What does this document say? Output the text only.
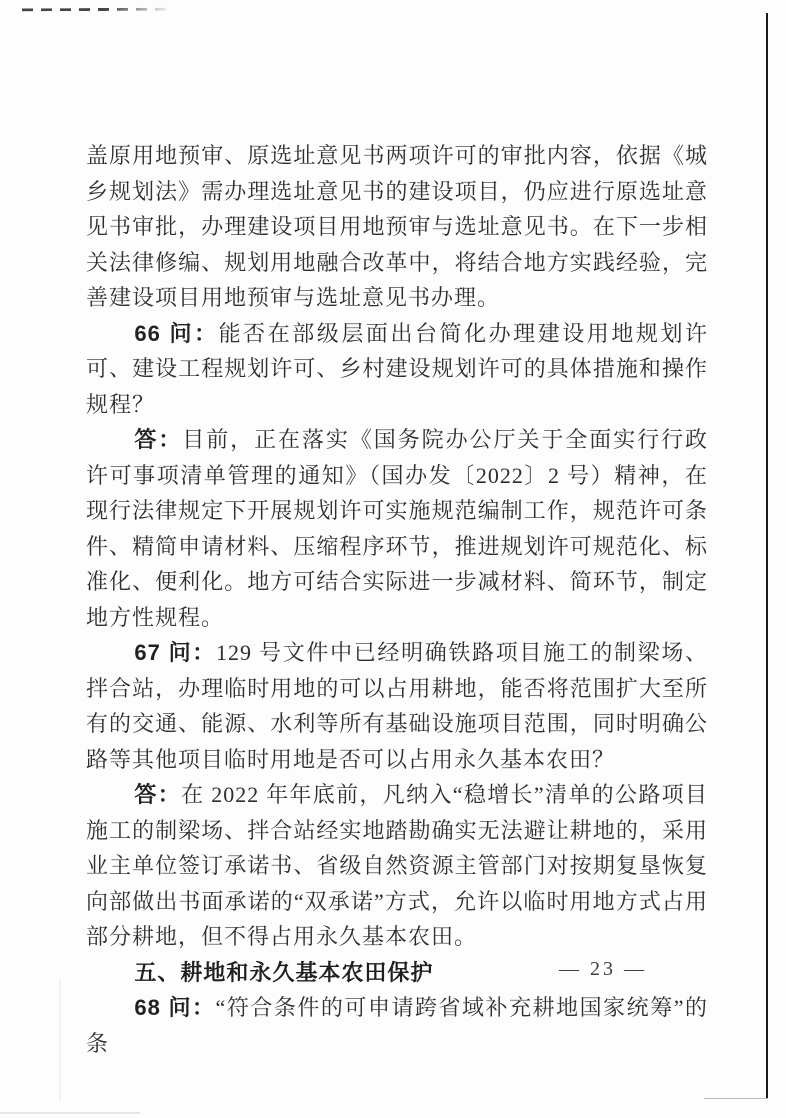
盖原用地预审、原选址意见书两项许可的审批内容，依据《城乡规划法》需办理选址意见书的建设项目，仍应进行原选址意见书审批，办理建设项目用地预审与选址意见书。在下一步相关法律修编、规划用地融合改革中，将结合地方实践经验，完善建设项目用地预审与选址意见书办理。

66 问：能否在部级层面出台简化办理建设用地规划许可、建设工程规划许可、乡村建设规划许可的具体措施和操作规程？

答：目前，正在落实《国务院办公厅关于全面实行行政许可事项清单管理的通知》（国办发〔2022〕2 号）精神，在现行法律规定下开展规划许可实施规范编制工作，规范许可条件、精简申请材料、压缩程序环节，推进规划许可规范化、标准化、便利化。地方可结合实际进一步减材料、简环节，制定地方性规程。

67 问：129 号文件中已经明确铁路项目施工的制梁场、拌合站，办理临时用地的可以占用耕地，能否将范围扩大至所有的交通、能源、水利等所有基础设施项目范围，同时明确公路等其他项目临时用地是否可以占用永久基本农田？

答：在 2022 年年底前，凡纳入“稳增长”清单的公路项目施工的制梁场、拌合站经实地踏勘确实无法避让耕地的，采用业主单位签订承诺书、省级自然资源主管部门对按期复垦恢复向部做出书面承诺的“双承诺”方式，允许以临时用地方式占用部分耕地，但不得占用永久基本农田。

五、耕地和永久基本农田保护

68 问：“符合条件的可申请跨省域补充耕地国家统筹”的条

— 23 —
